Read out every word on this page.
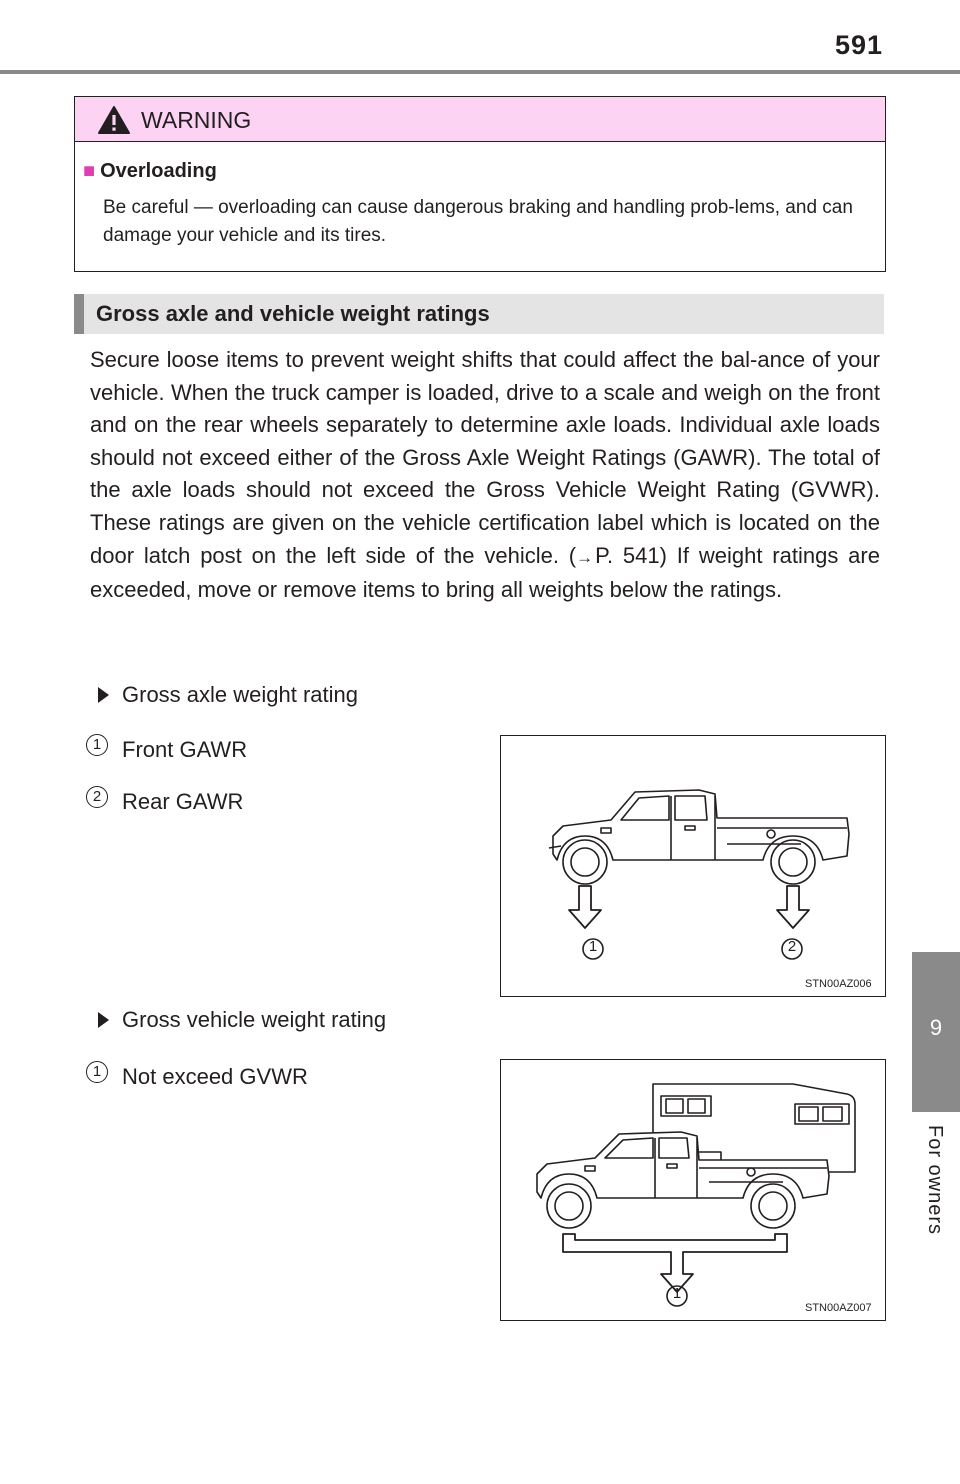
591
9
For owners
WARNING
■ Overloading
Be careful — overloading can cause dangerous braking and handling prob-lems, and can damage your vehicle and its tires.
Gross axle and vehicle weight ratings
Secure loose items to prevent weight shifts that could affect the bal-ance of your vehicle. When the truck camper is loaded, drive to a scale and weigh on the front and on the rear wheels separately to determine axle loads. Individual axle loads should not exceed either of the Gross Axle Weight Ratings (GAWR). The total of the axle loads should not exceed the Gross Vehicle Weight Rating (GVWR). These ratings are given on the vehicle certification label which is located on the door latch post on the left side of the vehicle. (→P. 541) If weight ratings are exceeded, move or remove items to bring all weights below the ratings.
Gross axle weight rating
1 Front GAWR
2 Rear GAWR
1	2
STN00AZ006
Gross vehicle weight rating
1 Not exceed GVWR
1
STN00AZ007
